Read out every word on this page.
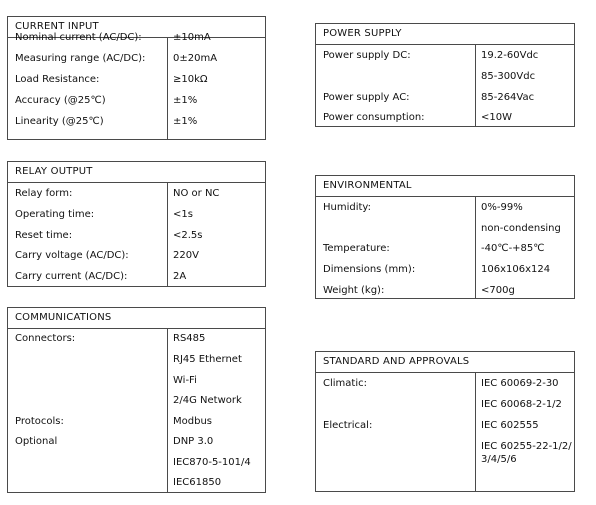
CURRENT INPUT
Nominal current (AC/DC):	±10mA
Measuring range (AC/DC):	0±20mA
Load Resistance:	≥10kΩ
Accuracy (@25℃)	±1%
Linearity (@25℃)	±1%
RELAY OUTPUT
Relay form:	NO or NC
Operating time:	<1s
Reset time:	<2.5s
Carry voltage (AC/DC):	220V
Carry current (AC/DC):	2A
COMMUNICATIONS
Connectors:	RS485
RJ45 Ethernet
Wi-Fi
2/4G Network
Protocols:	Modbus
Optional	DNP 3.0
IEC870-5-101/4
IEC61850
POWER SUPPLY
Power supply DC:	19.2-60Vdc
85-300Vdc
Power supply AC:	85-264Vac
Power consumption:	<10W
ENVIRONMENTAL
Humidity:	0%-99%
non-condensing
Temperature:	-40℃-+85℃
Dimensions (mm):	106x106x124
Weight (kg):	<700g
STANDARD AND APPROVALS
Climatic:	IEC 60069-2-30
IEC 60068-2-1/2
Electrical:	IEC 602555
IEC 60255-22-1/2/
3/4/5/6
